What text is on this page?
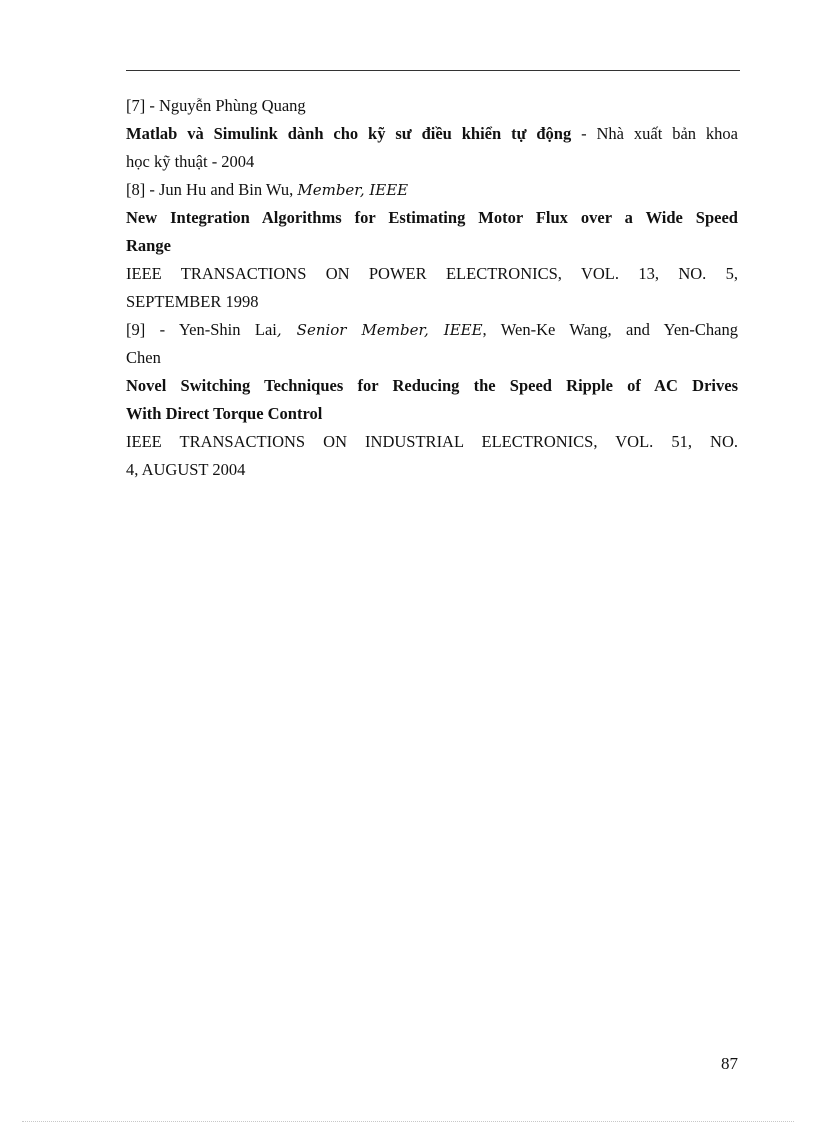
[7] - Nguyễn Phùng Quang
Matlab và Simulink dành cho kỹ sư điều khiển tự động - Nhà xuất bản khoa
học kỹ thuật - 2004
[8] - Jun Hu and Bin Wu, Member, IEEE
New Integration Algorithms for Estimating Motor Flux over a Wide Speed
Range
IEEE TRANSACTIONS ON POWER ELECTRONICS, VOL. 13, NO. 5,
SEPTEMBER 1998
[9] - Yen-Shin Lai, Senior Member, IEEE, Wen-Ke Wang, and Yen-Chang
Chen
Novel Switching Techniques for Reducing the Speed Ripple of AC Drives
With Direct Torque Control
IEEE TRANSACTIONS ON INDUSTRIAL ELECTRONICS, VOL. 51, NO.
4, AUGUST 2004
87
